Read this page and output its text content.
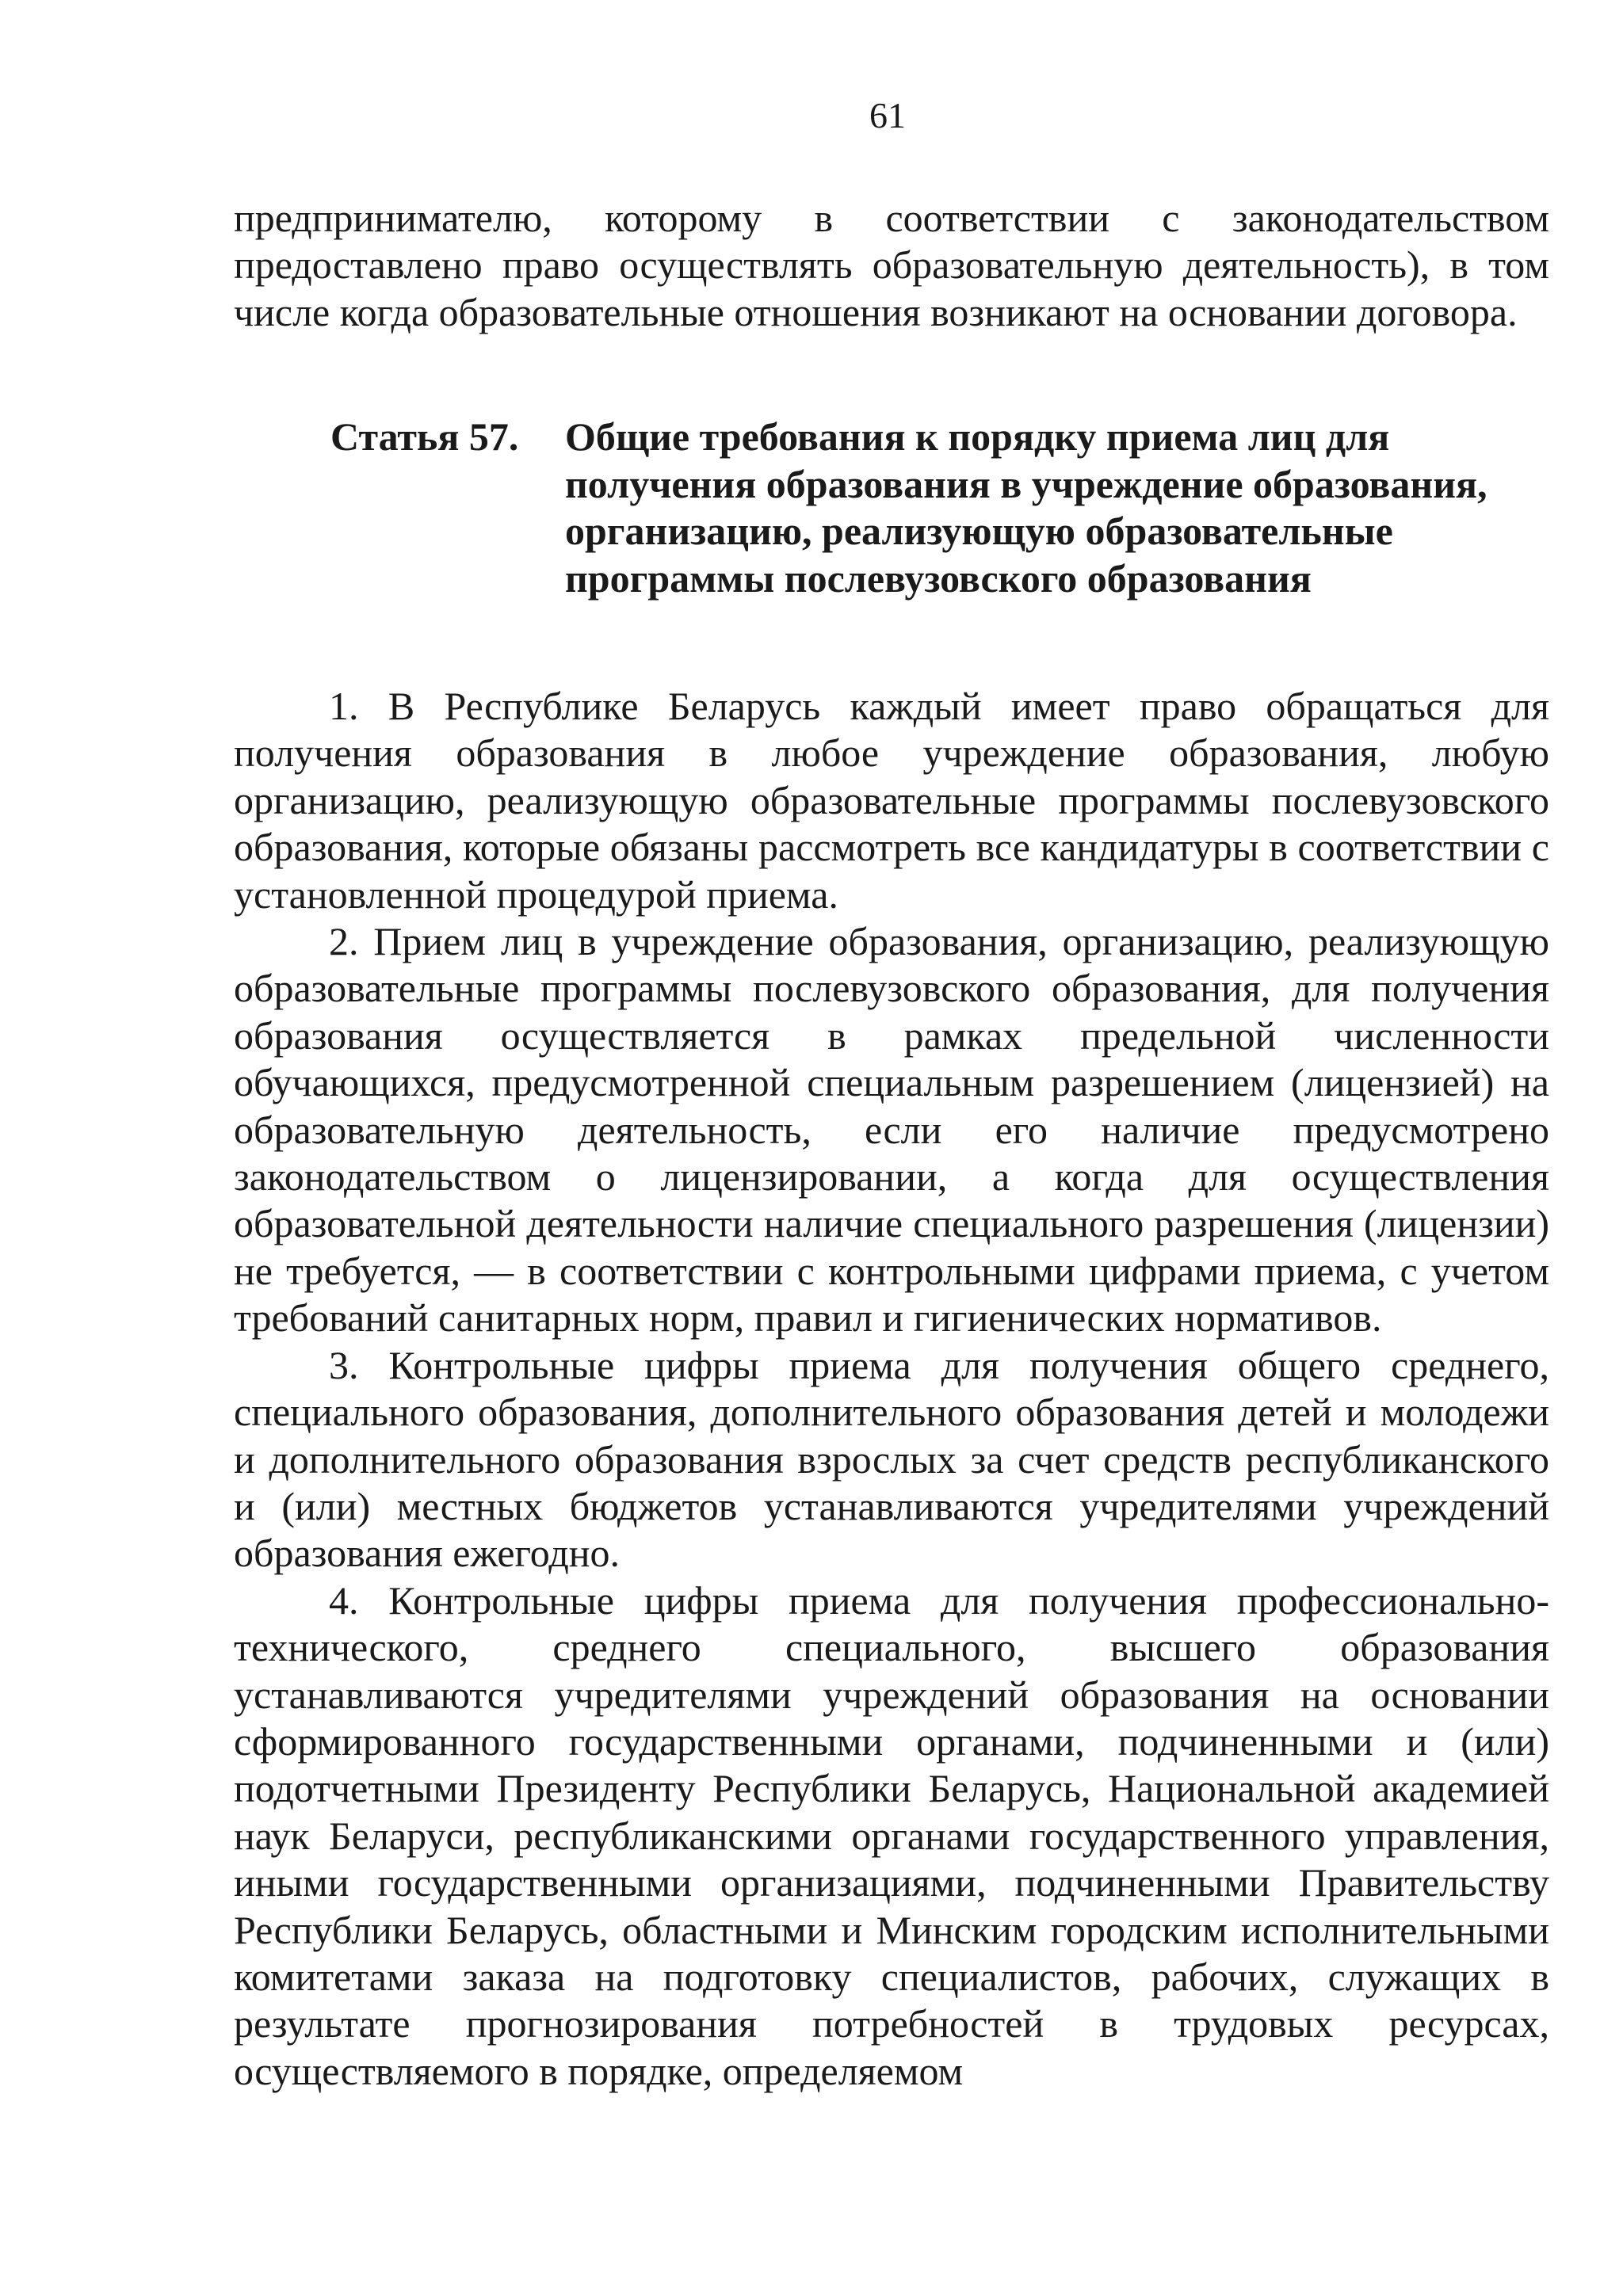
61

предпринимателю, которому в соответствии с законодательством предоставлено право осуществлять образовательную деятельность), в том числе когда образовательные отношения возникают на основании договора.

Статья 57.	Общие требования к порядку приема лиц для получения образования в учреждение образования, организацию, реализующую образовательные программы послевузовского образования

1. В Республике Беларусь каждый имеет право обращаться для получения образования в любое учреждение образования, любую организацию, реализующую образовательные программы послевузовского образования, которые обязаны рассмотреть все кандидатуры в соответствии с установленной процедурой приема.

2. Прием лиц в учреждение образования, организацию, реализующую образовательные программы послевузовского образования, для получения образования осуществляется в рамках предельной численности обучающихся, предусмотренной специальным разрешением (лицензией) на образовательную деятельность, если его наличие предусмотрено законодательством о лицензировании, а когда для осуществления образовательной деятельности наличие специального разрешения (лицензии) не требуется, — в соответствии с контрольными цифрами приема, с учетом требований санитарных норм, правил и гигиенических нормативов.

3. Контрольные цифры приема для получения общего среднего, специального образования, дополнительного образования детей и молодежи и дополнительного образования взрослых за счет средств республиканского и (или) местных бюджетов устанавливаются учредителями учреждений образования ежегодно.

4. Контрольные цифры приема для получения профессионально-технического, среднего специального, высшего образования устанавливаются учредителями учреждений образования на основании сформированного государственными органами, подчиненными и (или) подотчетными Президенту Республики Беларусь, Национальной академией наук Беларуси, республиканскими органами государственного управления, иными государственными организациями, подчиненными Правительству Республики Беларусь, областными и Минским городским исполнительными комитетами заказа на подготовку специалистов, рабочих, служащих в результате прогнозирования потребностей в трудовых ресурсах, осуществляемого в порядке, определяемом
